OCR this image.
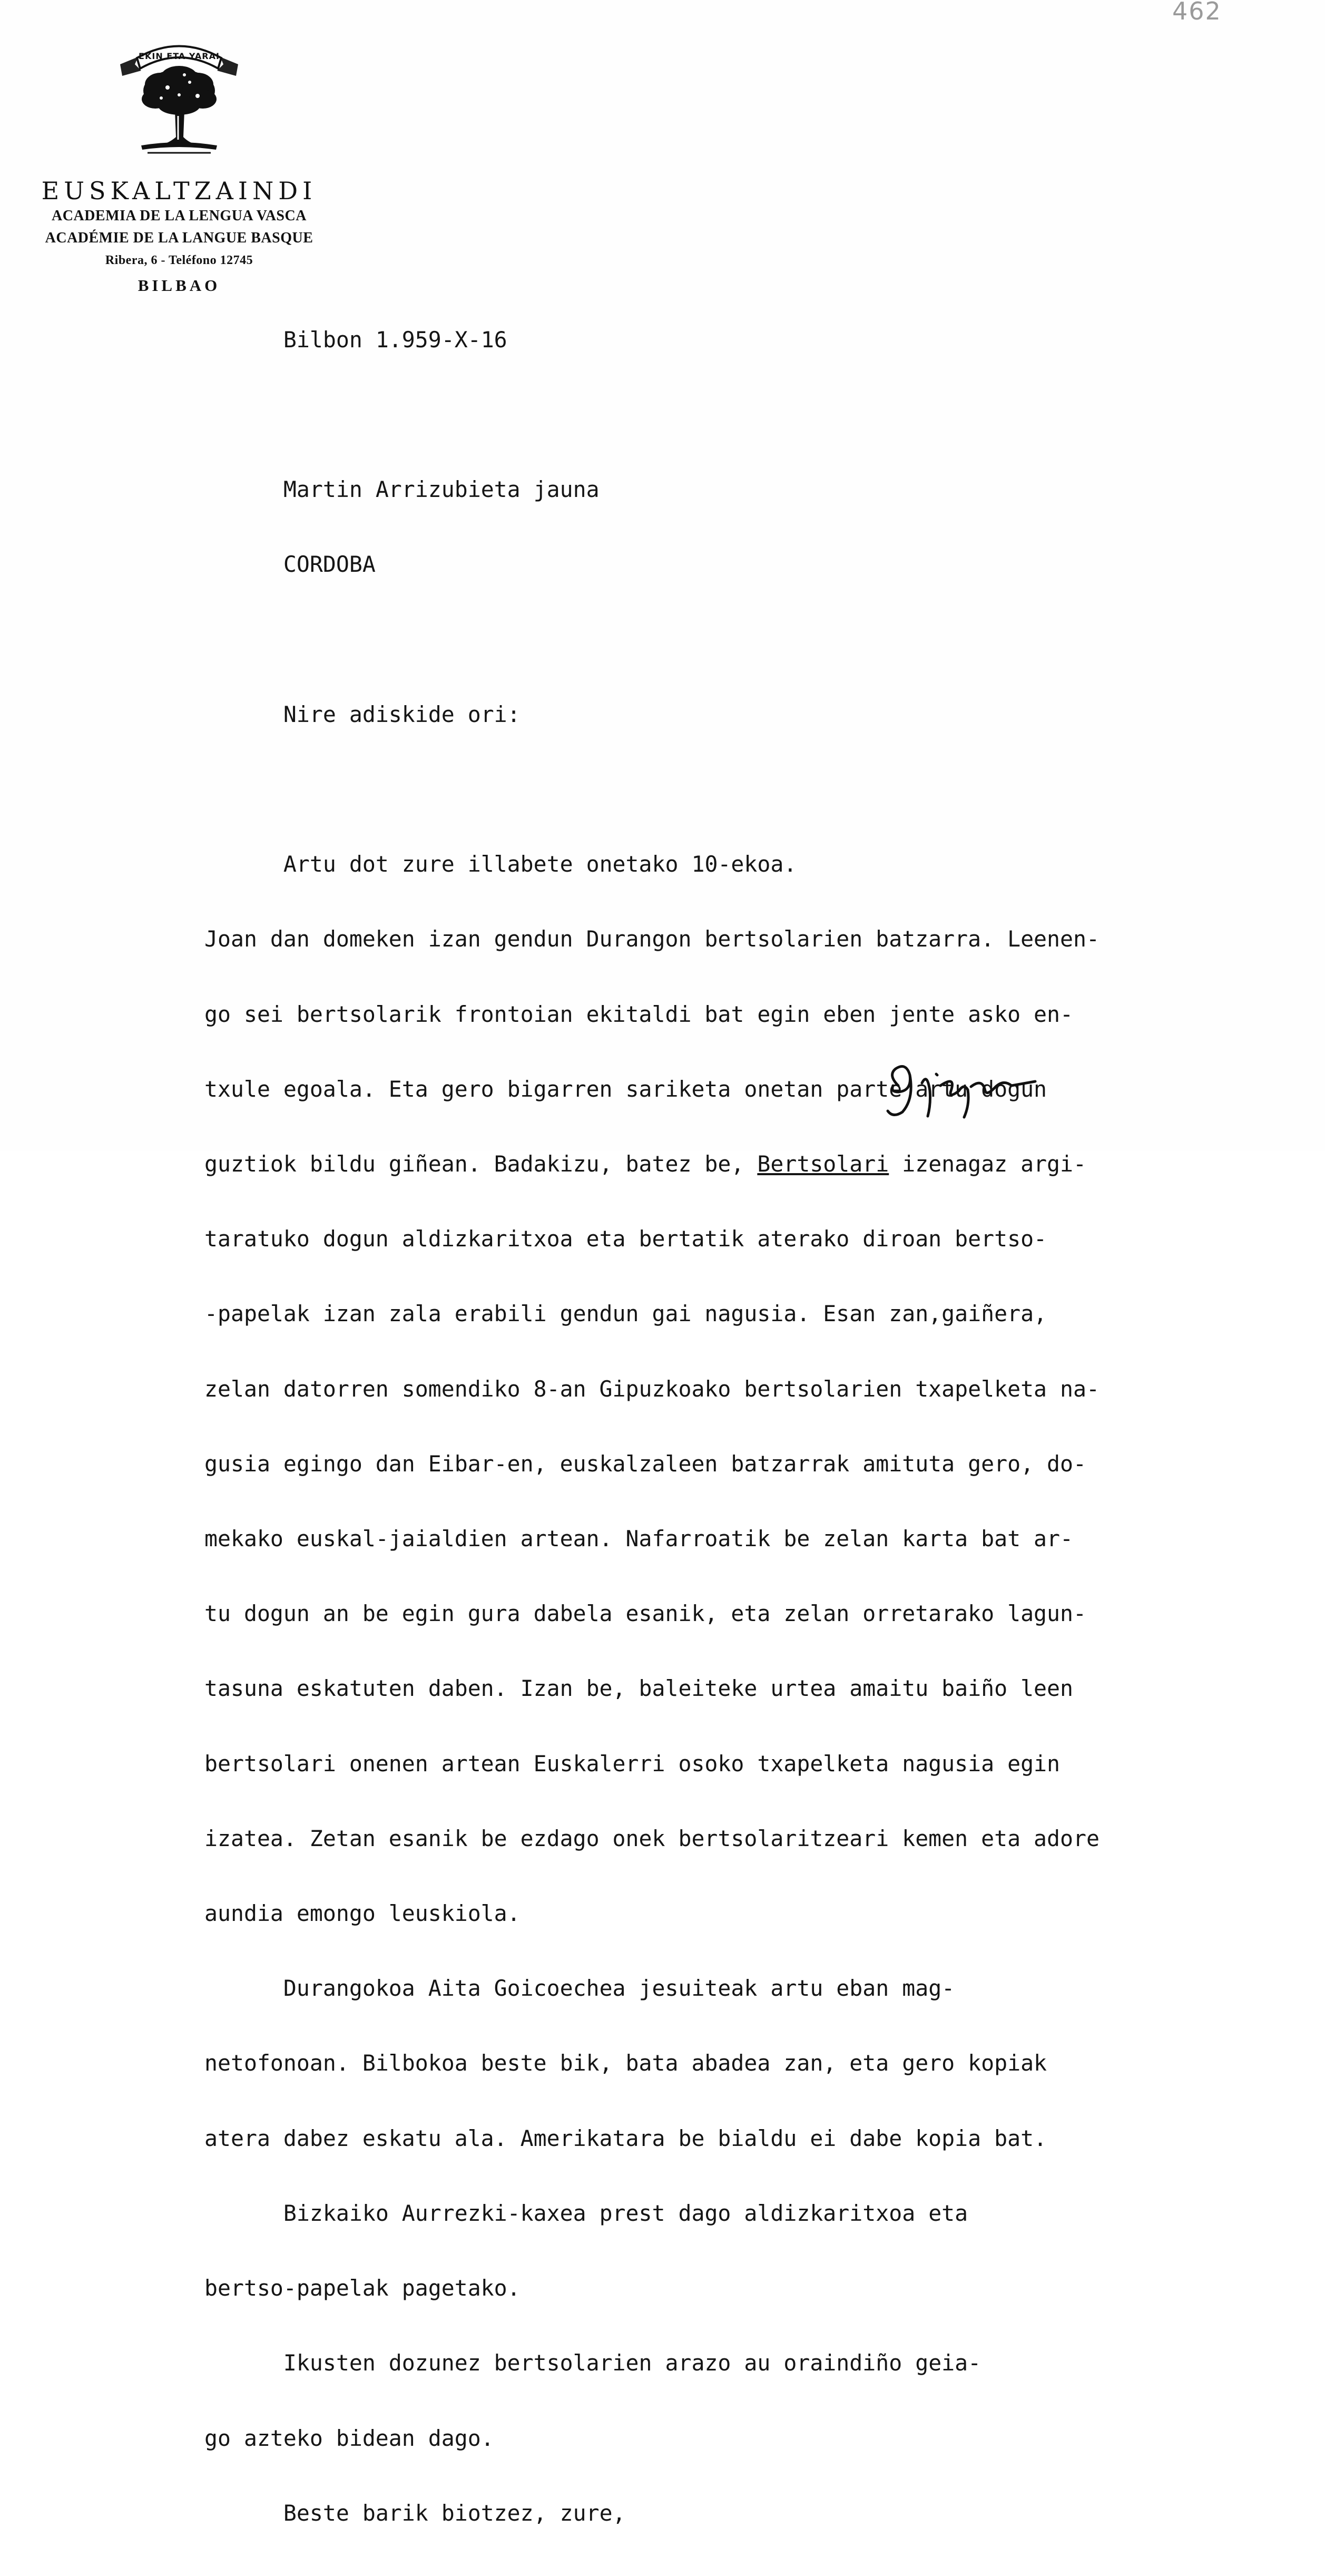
462
EKIN ETA YARAI
EUSKALTZAINDI
ACADEMIA DE LA LENGUA VASCA
ACADÉMIE DE LA LANGUE BASQUE
Ribera, 6 - Teléfono 12745
BILBAO

Bilbon 1.959-X-16

Martin Arrizubieta jauna

CORDOBA

Nire adiskide ori:

Artu dot zure illabete onetako 10-ekoa.

Joan dan domeken izan gendun Durangon bertsolarien batzarra. Leenen-

go sei bertsolarik frontoian ekitaldi bat egin eben jente asko en-

txule egoala. Eta gero bigarren sariketa onetan parte artu dogun

guztiok bildu giñean. Badakizu, batez be, Bertsolari izenagaz argi-

taratuko dogun aldizkaritxoa eta bertatik aterako diroan bertso-

-papelak izan zala erabili gendun gai nagusia. Esan zan,gaiñera,

zelan datorren somendiko 8-an Gipuzkoako bertsolarien txapelketa na-

gusia egingo dan Eibar-en, euskalzaleen batzarrak amituta gero, do-

mekako euskal-jaialdien artean. Nafarroatik be zelan karta bat ar-

tu dogun an be egin gura dabela esanik, eta zelan orretarako lagun-

tasuna eskatuten daben. Izan be, baleiteke urtea amaitu baiño leen

bertsolari onenen artean Euskalerri osoko txapelketa nagusia egin

izatea. Zetan esanik be ezdago onek bertsolaritzeari kemen eta adore

aundia emongo leuskiola.

Durangokoa Aita Goicoechea jesuiteak artu eban mag-

netofonoan. Bilbokoa beste bik, bata abadea zan, eta gero kopiak

atera dabez eskatu ala. Amerikatara be bialdu ei dabe kopia bat.

Bizkaiko Aurrezki-kaxea prest dago aldizkaritxoa eta

bertso-papelak pagetako.

Ikusten dozunez bertsolarien arazo au oraindiño geia-

go azteko bidean dago.

Beste barik biotzez, zure,
